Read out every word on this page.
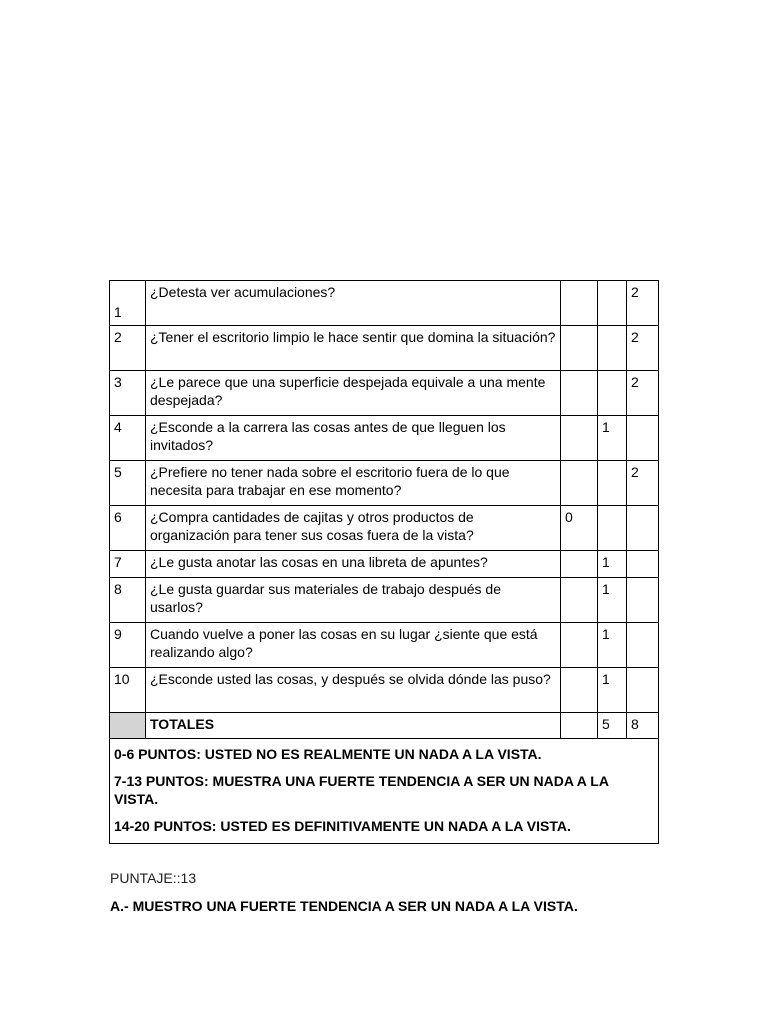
1	¿Detesta ver acumulaciones?			2
2	¿Tener el escritorio limpio le hace sentir que domina la situación?			2
3	¿Le parece que una superficie despejada equivale a una mente despejada?			2
4	¿Esconde a la carrera las cosas antes de que lleguen los invitados?		1	
5	¿Prefiere no tener nada sobre el escritorio fuera de lo que necesita para trabajar en ese momento?			2
6	¿Compra cantidades de cajitas y otros productos de organización para tener sus cosas fuera de la vista?	0		
7	¿Le gusta anotar las cosas en una libreta de apuntes?		1	
8	¿Le gusta guardar sus materiales de trabajo después de usarlos?		1	
9	Cuando vuelve a poner las cosas en su lugar ¿siente que está realizando algo?		1	
10	¿Esconde usted las cosas, y después se olvida dónde las puso?		1	
	TOTALES		5	8

0-6 PUNTOS: USTED NO ES REALMENTE UN NADA A LA VISTA.
7-13 PUNTOS: MUESTRA UNA FUERTE TENDENCIA A SER UN NADA A LA VISTA.
14-20 PUNTOS: USTED ES DEFINITIVAMENTE UN NADA A LA VISTA.				
PUNTAJE::13
A.- MUESTRO UNA FUERTE TENDENCIA A SER UN NADA A LA VISTA.
